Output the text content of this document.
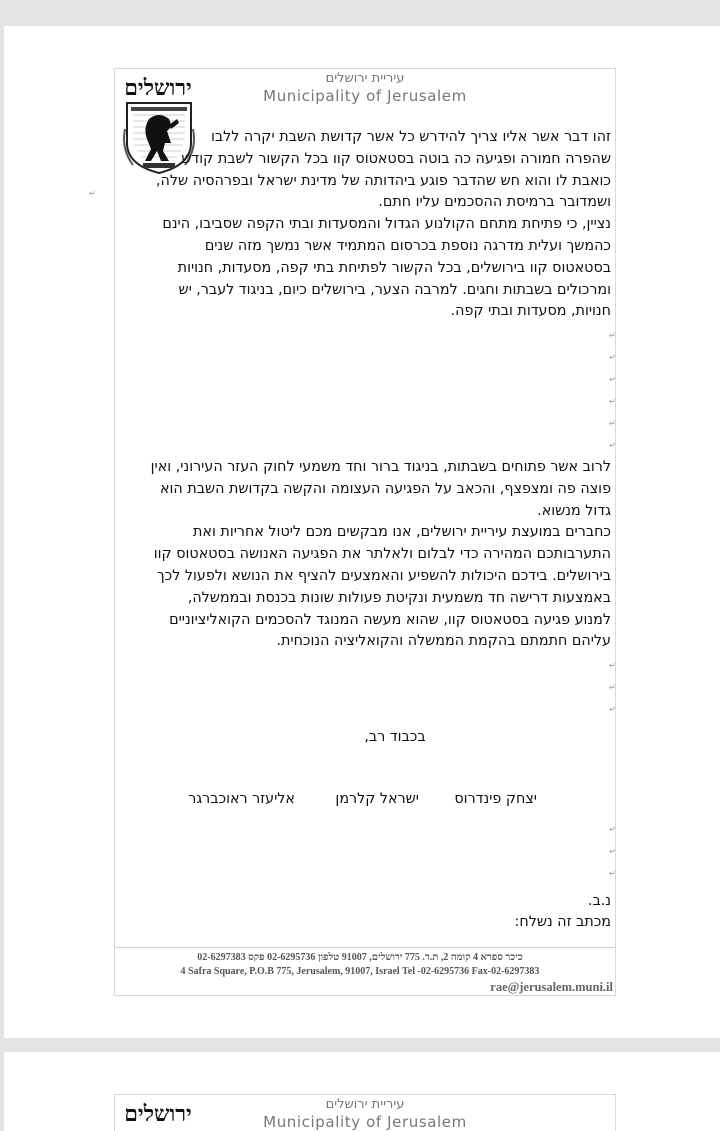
ירושלים	עיריית ירושלים
Municipality of Jerusalem
זהו דבר אשר אליו צריך להידרש כל אשר קדושת השבת יקרה ללבו
שהפרה חמורה ופגיעה כה בוטה בסטאטוס קוו בכל הקשור לשבת קודש
כואבת לו והוא חש שהדבר פוגע ביהדותה של מדינת ישראל ובפרהסיה שלה,
ושמדובר ברמיסת ההסכמים עליו חתם.
נציין, כי פתיחת מתחם הקולנוע הגדול והמסעדות ובתי הקפה שסביבו, הינם
כהמשך ועלית מדרגה נוספת בכרסום המתמיד אשר נמשך מזה שנים
בסטאטוס קוו בירושלים, בכל הקשור לפתיחת בתי קפה, מסעדות, חנויות
ומרכולים בשבתות וחגים. למרבה הצער, בירושלים כיום, בניגוד לעבר, יש
חנויות, מסעדות ובתי קפה.
↵
↵
↵
↵
↵
↵
↵
לרוב אשר פתוחים בשבתות, בניגוד ברור וחד משמעי לחוק העזר העירוני, ואין
פוצה פה ומצפצף, והכאב על הפגיעה העצומה והקשה בקדושת השבת הוא
גדול מנשוא.
כחברים במועצת עיריית ירושלים, אנו מבקשים מכם ליטול אחריות ואת
התערבותכם המהירה כדי לבלום ולאלתר את הפגיעה האנושה בסטאטוס קוו
בירושלים. בידכם היכולות להשפיע והאמצעים להציף את הנושא ולפעול לכך
באמצעות דרישה חד משמעית ונקיטת פעולות שונות בכנסת ובממשלה,
למנוע פגיעה בסטאטוס קוו, שהוא מעשה המנוגד להסכמים הקואליציוניים
עליהם חתמתם בהקמת הממשלה והקואליציה הנוכחית.
↵
↵
↵
בכבוד רב,
יצחק פינדרוס
ישראל קלרמן
אליעזר ראוכברגר
↵
↵
↵
נ.ב.
מכתב זה נשלח:
כיכר ספרא 4 קומה 2, ת.ד. 775 ירושלים, 91007 טלפון 02-6295736 פקס 02-6297383
4 Safra Square, P.O.B 775, Jerusalem, 91007, Israel Tel -02-6295736 Fax-02-6297383
rae@jerusalem.muni.il
ירושלים	עיריית ירושלים
Municipality of Jerusalem
